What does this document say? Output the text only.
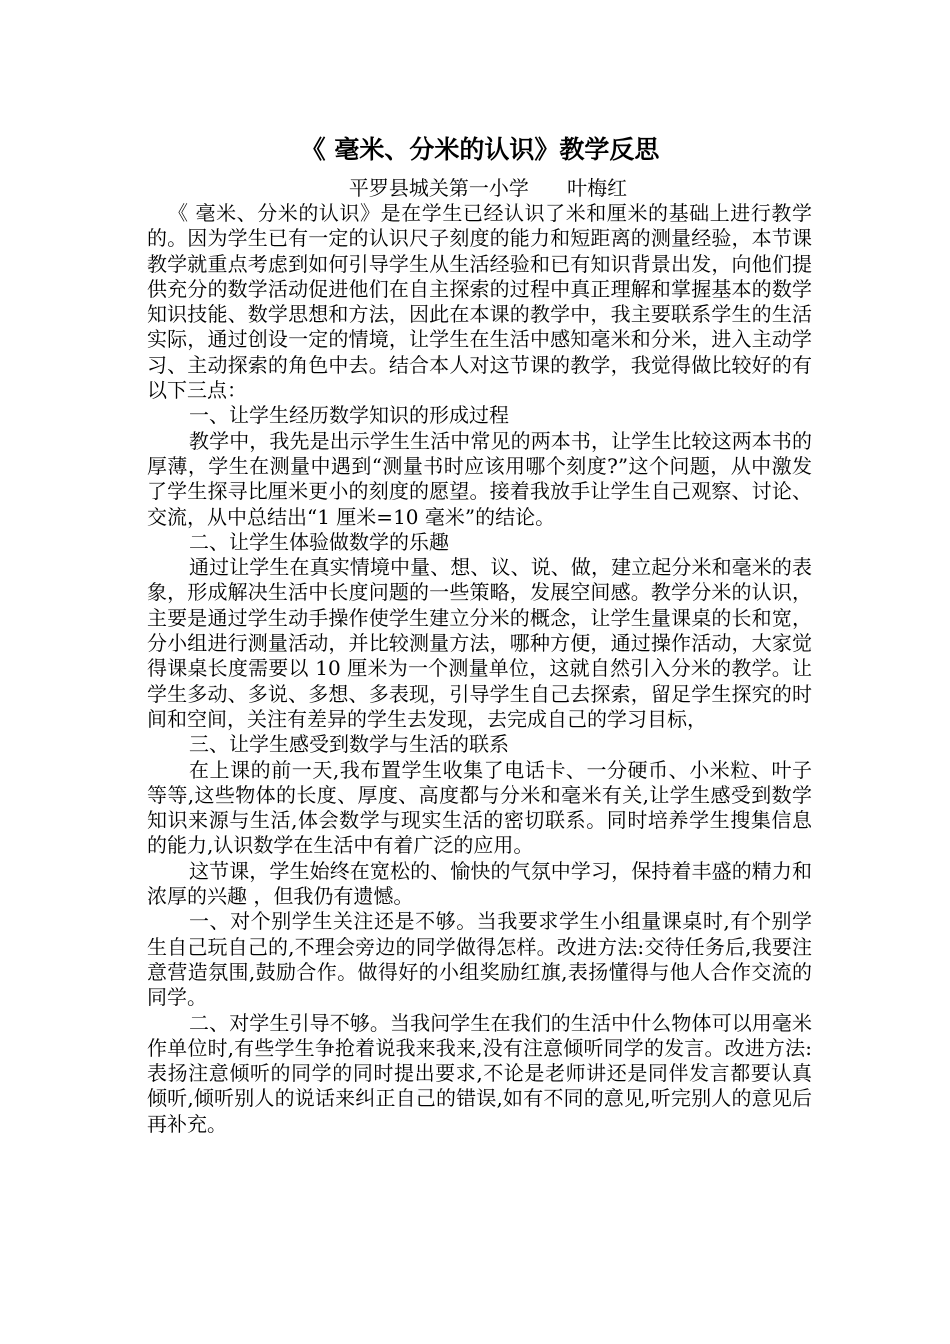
《 毫米、分米的认识》教学反思
平罗县城关第一小学      叶梅红

《 毫米、分米的认识》是在学生已经认识了米和厘米的基础上进行教学的。因为学生已有一定的认识尺子刻度的能力和短距离的测量经验，本节课教学就重点考虑到如何引导学生从生活经验和已有知识背景出发，向他们提供充分的数学活动促进他们在自主探索的过程中真正理解和掌握基本的数学知识技能、数学思想和方法，因此在本课的教学中，我主要联系学生的生活实际，通过创设一定的情境，让学生在生活中感知毫米和分米，进入主动学习、主动探索的角色中去。结合本人对这节课的教学，我觉得做比较好的有以下三点：

一、让学生经历数学知识的形成过程

教学中，我先是出示学生生活中常见的两本书，让学生比较这两本书的厚薄，学生在测量中遇到“测量书时应该用哪个刻度?”这个问题，从中激发了学生探寻比厘米更小的刻度的愿望。接着我放手让学生自己观察、讨论、交流，从中总结出“1 厘米=10 毫米”的结论。

二、让学生体验做数学的乐趣

通过让学生在真实情境中量、想、议、说、做，建立起分米和毫米的表象，形成解决生活中长度问题的一些策略，发展空间感。教学分米的认识，主要是通过学生动手操作使学生建立分米的概念，让学生量课桌的长和宽，分小组进行测量活动，并比较测量方法，哪种方便，通过操作活动，大家觉得课桌长度需要以 10 厘米为一个测量单位，这就自然引入分米的教学。让学生多动、多说、多想、多表现，引导学生自己去探索，留足学生探究的时间和空间，关注有差异的学生去发现，去完成自己的学习目标，

三、让学生感受到数学与生活的联系

在上课的前一天,我布置学生收集了电话卡、一分硬币、小米粒、叶子等等,这些物体的长度、厚度、高度都与分米和毫米有关,让学生感受到数学知识来源与生活,体会数学与现实生活的密切联系。同时培养学生搜集信息的能力,认识数学在生活中有着广泛的应用。

这节课，学生始终在宽松的、愉快的气氛中学习，保持着丰盛的精力和浓厚的兴趣 ，但我仍有遗憾。

一、对个别学生关注还是不够。当我要求学生小组量课桌时,有个别学生自己玩自己的,不理会旁边的同学做得怎样。改进方法:交待任务后,我要注意营造氛围,鼓励合作。做得好的小组奖励红旗,表扬懂得与他人合作交流的同学。

二、对学生引导不够。当我问学生在我们的生活中什么物体可以用毫米作单位时,有些学生争抢着说我来我来,没有注意倾听同学的发言。改进方法:表扬注意倾听的同学的同时提出要求,不论是老师讲还是同伴发言都要认真倾听,倾听别人的说话来纠正自己的错误,如有不同的意见,听完别人的意见后再补充。
